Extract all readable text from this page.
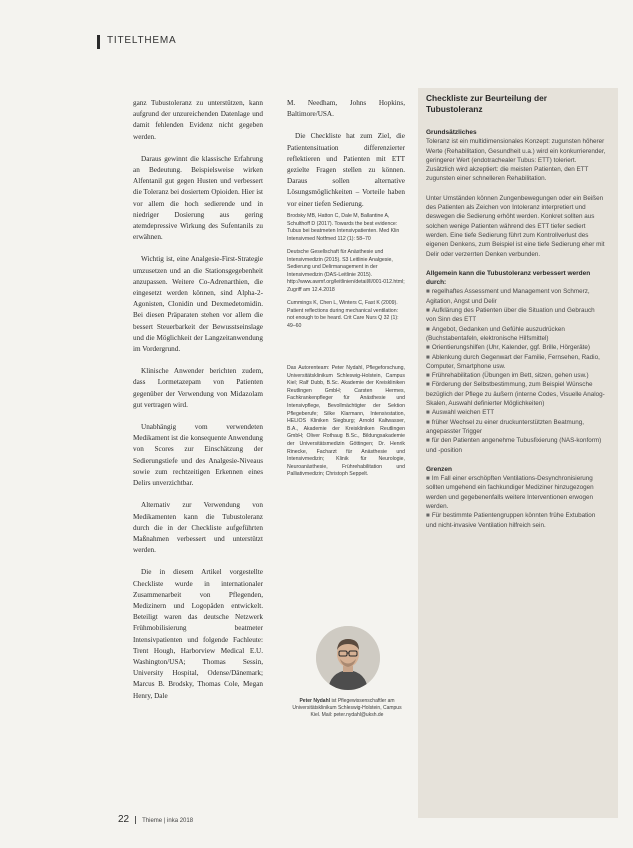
TITELTHEMA

ganz Tubustoleranz zu unterstützen, kann aufgrund der unzureichenden Datenlage und damit fehlenden Evidenz nicht gegeben werden.

Daraus gewinnt die klassische Erfahrung an Bedeutung. Beispielsweise wirken Alfentanil gut gegen Husten und verbessert die Toleranz bei dosiertem Opioiden. Hier ist vor allem die hoch sedierende und in niedriger Dosierung aus gering atemdepressive Wirkung des Sufentanils zu erwähnen.

Wichtig ist, eine Analgesie-First-Strategie umzusetzen und an die Stationsgegebenheit anzupassen. Weitere Co-Adrenarthien, die eingesetzt werden können, sind Alpha-2-Agonisten, Clonidin und Dexmedetomidin. Bei diesen Präparaten stehen vor allem die bessert Steuerbarkeit der Bewusstseinslage und die Möglichkeit der Langzeitanwendung im Vordergrund.

Klinische Anwender berichten zudem, dass Lormetazepam von Patienten gegenüber der Verwendung von Midazolam gut vertragen wird.

Unabhängig vom verwendeten Medikament ist die konsequente Anwendung von Scores zur Einschätzung der Sedierungstiefe und des Analgesie-Niveaus sowie zum rechtzeitigen Erkennen eines Delirs unverzichtbar.

Alternativ zur Verwendung von Medikamenten kann die Tubustoleranz durch die in der Checkliste aufgeführten Maßnahmen verbessert und unterstützt werden.

Die in diesem Artikel vorgestellte Checkliste wurde in internationaler Zusammenarbeit von Pflegenden, Medizinern und Logopäden entwickelt. Beteiligt waren das deutsche Netzwerk Frühmobilisierung beatmeter Intensivpatienten und folgende Fachleute: Trent Hough, Harborview Medical E.U. Washington/USA; Thomas Sessin, University Hospital, Odense/Dänemark; Marcus B. Brodsky, Thomas Cole, Megan Henry, Dale

M. Needham, Johns Hopkins, Baltimore/USA.

Die Checkliste hat zum Ziel, die Patientensituation differenzierter reflektieren und Patienten mit ETT gezielte Fragen stellen zu können. Daraus sollen alternative Lösungsmöglichkeiten – Vorteile haben vor einer tiefen Sedierung.

Brodsky MB, Hatton C, Dale M, Ballantine A, Schulthoff D (2017). Towards the best evidence: Tubus bei beatmeten Intensivpatienten. Med Klin Intensivmed Notfmed 112 (1): 58–70

Deutsche Gesellschaft für Anästhesie und Intensivmedizin (2015). S3 Leitlinie Analgesie, Sedierung und Delirmanagement in der Intensivmedizin (DAS-Leitlinie 2015). http://www.awmf.org/leitlinien/detail/ll/001-012.html; Zugriff am 12.4.2018

Cummings K, Chen L, Winters C, Fast K (2009). Patient reflections during mechanical ventilation: not enough to be heard. Crit Care Nurs Q 32 (1): 49–60

Das Autorenteam: Peter Nydahl, Pflegeforschung, Universitätsklinikum Schleswig-Holstein, Campus Kiel; Ralf Dubb, B.Sc. Akademie der Kreiskliniken Reutlingen GmbH; Carsten Hermes, Fachkrankenpfleger für Anästhesie und Intensivpflege, Bevollmächtigter der Sektion Pflegeberufe; Silke Klarmann, Intensivstation, HELIOS Kliniken Siegburg; Arnold Kaltwasser, B.A., Akademie der Kreiskliniken Reutlingen GmbH; Oliver Rothaug B.Sc., Bildungsakademie der Universitätsmedizin Göttingen; Dr. Henrik Rinecke, Facharzt für Anästhesie und Intensivmedizin; Klinik für Neurologie, Neuroanästhesie, Frührehabilitation und Palliativmedizin; Christoph Seppelt.
Peter Nydahl ist Pflegewissenschaftler am Universitätsklinikum Schleswig-Holstein, Campus Kiel. Mail: peter.nydahl@uksh.de
Checkliste zur Beurteilung der Tubustoleranz
Grundsätzliches

Toleranz ist ein multidimensionales Konzept: zugunsten höherer Werte (Rehabilitation, Gesundheit u.a.) wird ein konkurrierender, geringerer Wert (endotrachealer Tubus: ETT) toleriert. Zusätzlich wird akzeptiert: die meisten Patienten, den ETT zugunsten einer schnelleren Rehabilitation.

Unter Umständen können Zungenbewegungen oder ein Beißen des Patienten als Zeichen von Intoleranz interpretiert und deswegen die Sedierung erhöht werden. Konkret sollten aus solchen wenige Patienten während des ETT tiefer sediert werden. Eine tiefe Sedierung führt zum Kontrollverlust des eigenen Denkens, zum Beispiel ist eine tiefe Sedierung eher mit Delir oder verzerrten Denken verbunden.

Allgemein kann die Tubustoleranz verbessert werden durch:
■ regelhaftes Assessment und Management von Schmerz, Agitation, Angst und Delir
■ Aufklärung des Patienten über die Situation und Gebrauch von Sinn des ETT
■ Angebot, Gedanken und Gefühle auszudrücken (Buchstabentafeln, elektronische Hilfsmittel)
■ Orientierungshilfen (Uhr, Kalender, ggf. Brille, Hörgeräte)
■ Ablenkung durch Gegenwart der Familie, Fernsehen, Radio, Computer, Smartphone usw.
■ Frührehabilitation (Übungen im Bett, sitzen, gehen usw.)
■ Förderung der Selbstbestimmung, zum Beispiel Wünsche bezüglich der Pflege zu äußern (interne Codes, Visuelle Analog-Skalen, Auswahl definierter Möglichkeiten)
■ Auswahl weichen ETT
■ früher Wechsel zu einer druckunterstützten Beatmung, angepasster Trigger
■ für den Patienten angenehme Tubusfixierung (NAS-konform) und -position
Grenzen
■ Im Fall einer erschöpften Ventilations-Desynchronisierung sollten umgehend ein fachkundiger Mediziner hinzugezogen werden und gegebenenfalls weitere Interventionen erwogen werden.
■ Für bestimmte Patientengruppen könnten frühe Extubation und nicht-invasive Ventilation hilfreich sein.
22 Thieme | inka 2018
